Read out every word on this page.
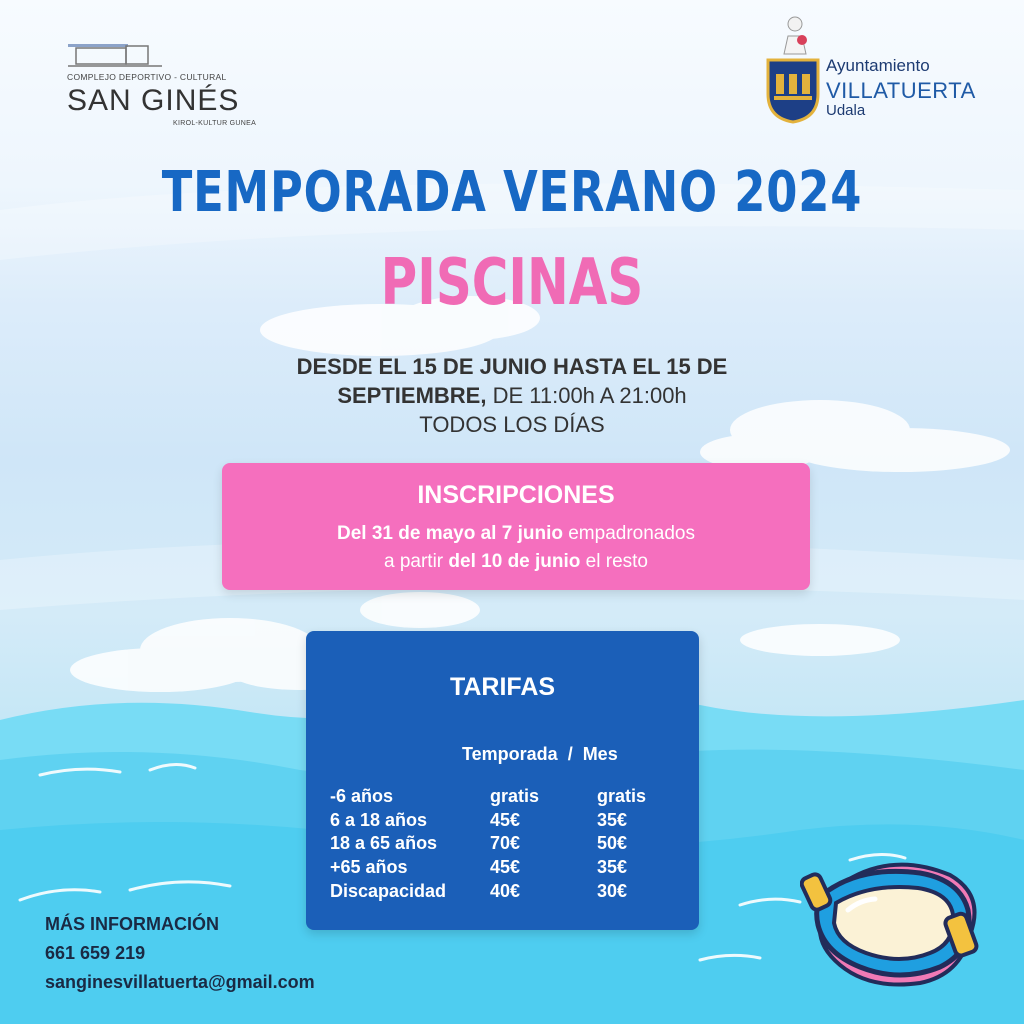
COMPLEJO DEPORTIVO - CULTURAL
SAN GINÉS
KIROL-KULTUR GUNEA
Ayuntamiento
VILLATUERTA
Udala
TEMPORADA VERANO 2024
PISCINAS
DESDE EL 15 DE JUNIO HASTA EL 15 DE
SEPTIEMBRE, DE 11:00h A 21:00h
TODOS LOS DÍAS
INSCRIPCIONES
Del 31 de mayo al 7 junio empadronados
a partir del 10 de junio el resto
TARIFAS
Temporada  /  Mes
-6 años	gratis	gratis
6 a 18 años	45€	35€
18 a 65 años	70€	50€
+65 años	45€	35€
Discapacidad 40€	30€
MÁS INFORMACIÓN
661 659 219
sanginesvillatuerta@gmail.com
